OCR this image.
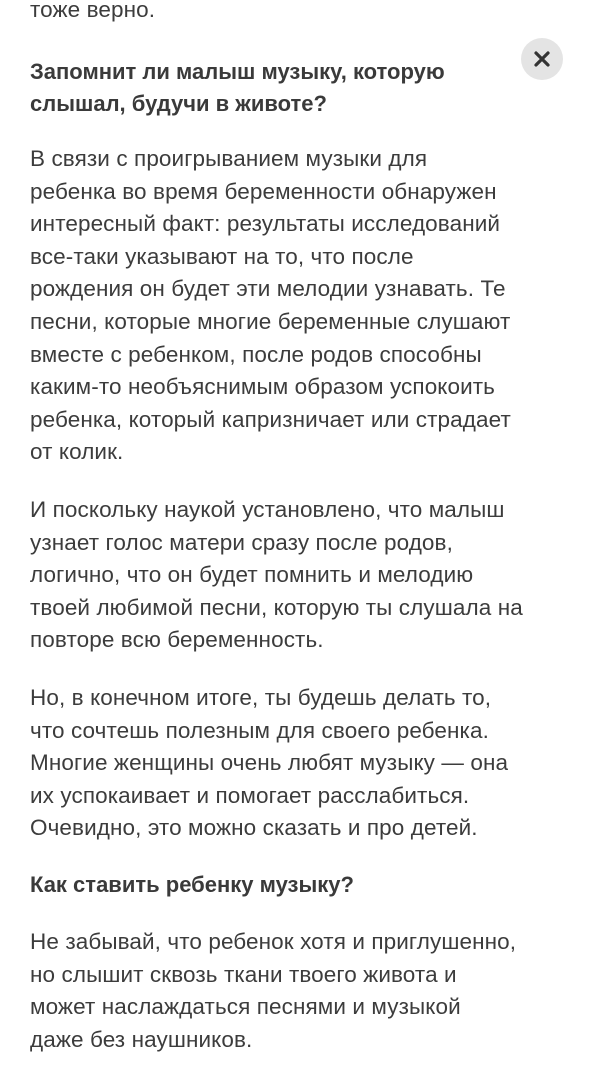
тоже верно.

Запомнит ли малыш музыку, которую
слышал, будучи в животе?

В связи с проигрыванием музыки для
ребенка во время беременности обнаружен
интересный факт: результаты исследований
все-таки указывают на то, что после
рождения он будет эти мелодии узнавать. Те
песни, которые многие беременные слушают
вместе с ребенком, после родов способны
каким-то необъяснимым образом успокоить
ребенка, который капризничает или страдает
от колик.

И поскольку наукой установлено, что малыш
узнает голос матери сразу после родов,
логично, что он будет помнить и мелодию
твоей любимой песни, которую ты слушала на
повторе всю беременность.

Но, в конечном итоге, ты будешь делать то,
что сочтешь полезным для своего ребенка.
Многие женщины очень любят музыку — она
их успокаивает и помогает расслабиться.
Очевидно, это можно сказать и про детей.

Как ставить ребенку музыку?

Не забывай, что ребенок хотя и приглушенно,
но слышит сквозь ткани твоего живота и
может наслаждаться песнями и музыкой
даже без наушников.
